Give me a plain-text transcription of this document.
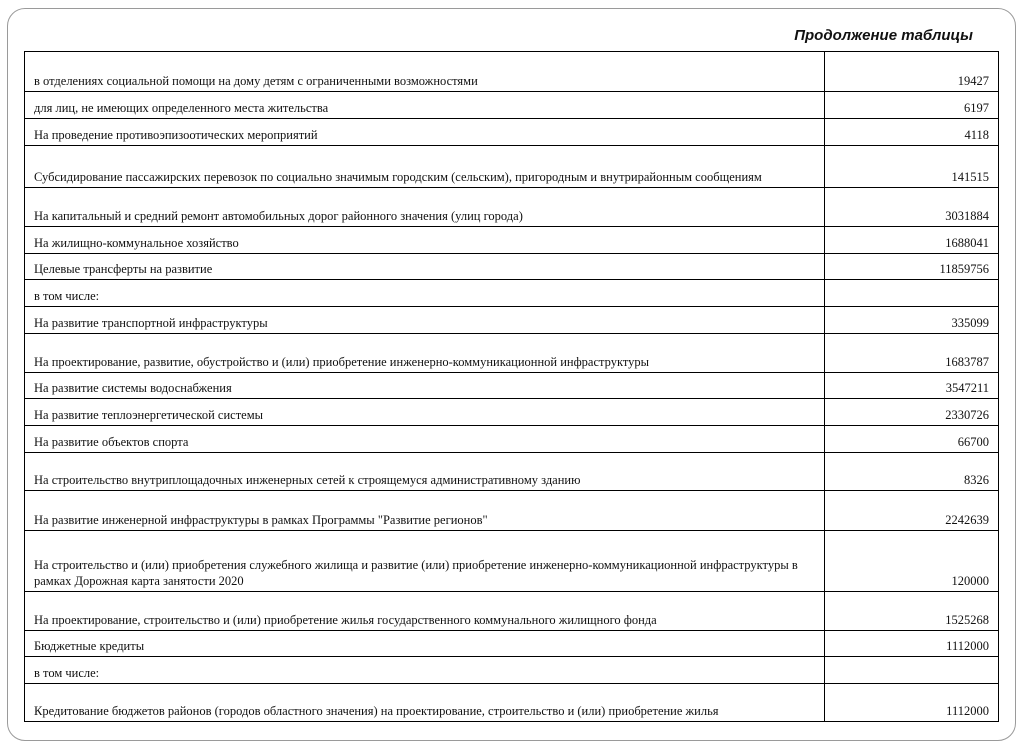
Продолжение таблицы
в отделениях социальной помощи на дому детям с ограниченными возможностями	19427
для лиц, не имеющих определенного места жительства	6197
На проведение противоэпизоотических мероприятий	4118
Субсидирование пассажирских перевозок по социально значимым городским (сельским), пригородным и внутрирайонным сообщениям	141515
На капитальный и средний ремонт автомобильных дорог районного значения (улиц города)	3031884
На жилищно-коммунальное хозяйство	1688041
Целевые трансферты на развитие	11859756
в том числе:	
На развитие транспортной инфраструктуры	335099
На проектирование, развитие, обустройство и (или) приобретение инженерно-коммуникационной инфраструктуры	1683787
На развитие системы водоснабжения	3547211
На развитие теплоэнергетической системы	2330726
На развитие объектов спорта	66700
На строительство внутриплощадочных инженерных сетей к строящемуся административному зданию	8326
На развитие инженерной инфраструктуры в рамках Программы "Развитие регионов"	2242639
На строительство и (или) приобретения служебного жилища и развитие (или) приобретение инженерно-коммуникационной инфраструктуры в рамках Дорожная карта занятости 2020	120000
На проектирование, строительство и (или) приобретение жилья государственного коммунального жилищного фонда	1525268
Бюджетные кредиты	1112000
в том числе:	
Кредитование бюджетов районов (городов областного значения) на проектирование, строительство и (или) приобретение жилья	1112000
